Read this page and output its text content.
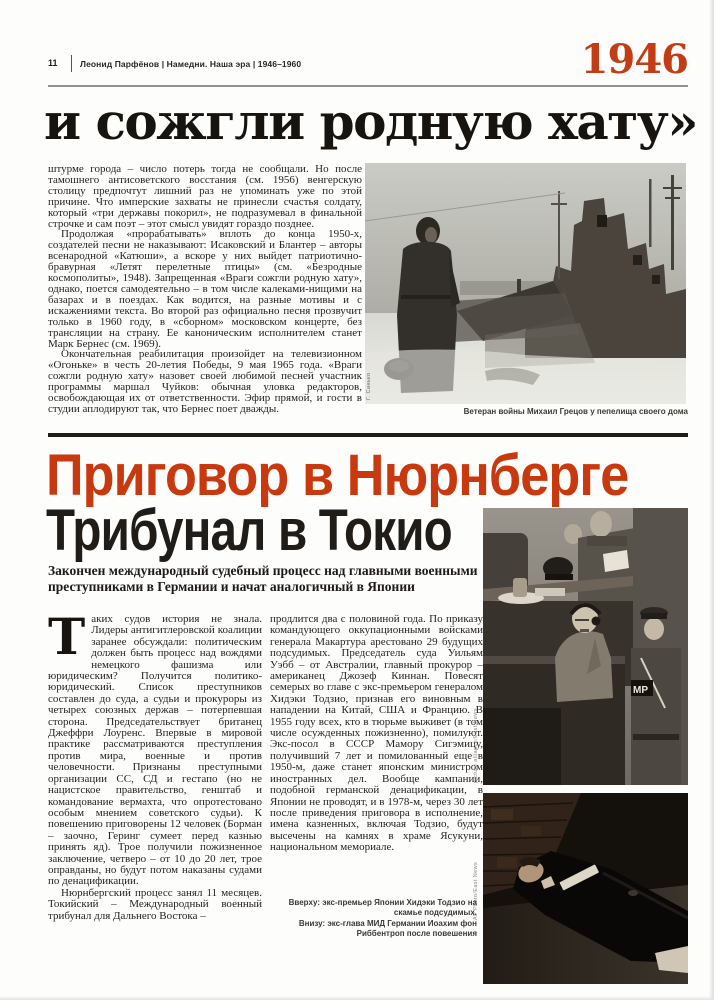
11	Леонид Парфёнов | Намедни. Наша эра | 1946–1960	1946
и сожгли родную хату»

штурме города – число потерь тогда не сообщали. Но после тамошнего антисоветского восстания (см. 1956) венгерскую столицу предпочтут лишний раз не упоминать уже по этой причине. Что имперские захваты не принесли счастья солдату, который «три державы покорил», не подразумевал в финальной строчке и сам поэт – этот смысл увидят гораздо позднее.

Продолжая «прорабатывать» вплоть до конца 1950-х, создателей песни не наказывают: Исаковский и Блантер – авторы всенародной «Катюши», а вскоре у них выйдет патриотично-бравурная «Летят перелетные птицы» (см. «Безродные космополиты», 1948). Запрещенная «Враги сожгли родную хату», однако, поется самодеятельно – в том числе калеками-нищими на базарах и в поездах. Как водится, на разные мотивы и с искажениями текста. Во второй раз официально песня прозвучит только в 1960 году, в «сборном» московском концерте, без трансляции на страну. Ее каноническим исполнителем станет Марк Бернес (см. 1969).

Окончательная реабилитация произойдет на телевизионном «Огоньке» в честь 20-летия Победы, 9 мая 1965 года. «Враги сожгли родную хату» назовет своей любимой песней участник программы маршал Чуйков: обычная уловка редакторов, освобождающая их от ответственности. Эфир прямой, и гости в студии аплодируют так, что Бернес поет дважды.

Г. Санько
Ветеран войны Михаил Грецов у пепелища своего дома
Приговор в Нюрнберге
Трибунал в Токио
Закончен международный судебный процесс над главными военными преступниками в Германии и начат аналогичный в Японии

Таких судов история не знала. Лидеры антигитлеровской коалиции заранее обсуждали: политическим должен быть процесс над вождями немецкого фашизма или юридическим? Получится политико-юридический. Список преступников составлен до суда, а судьи и прокуроры из четырех союзных держав – потерпевшая сторона. Председательствует британец Джеффри Лоуренс. Впервые в мировой практике рассматриваются преступления против мира, военные и против человечности. Признаны преступными организации СС, СД и гестапо (но не нацистское правительство, генштаб и командование вермахта, что опротестовано особым мнением советского судьи). К повешению приговорены 12 человек (Борман – заочно, Геринг сумеет перед казнью принять яд). Трое получили пожизненное заключение, четверо – от 10 до 20 лет, трое оправданы, но будут потом наказаны судами по денацификации.

Нюрнбергский процесс занял 11 месяцев. Токийский – Международный военный трибунал для Дальнего Востока –

продлится два с половиной года. По приказу командующего оккупационными войсками генерала Макартура арестовано 29 будущих подсудимых. Председатель суда Уильям Уэбб – от Австралии, главный прокурор – американец Джозеф Киннан. Повесят семерых во главе с экс-премьером генералом Хидэки Тодзио, признав его виновным в нападении на Китай, США и Францию. В 1955 году всех, кто в тюрьме выживет (в том числе осужденных пожизненно), помилуют. Экс-посол в СССР Мамору Сигэмицу, получивший 7 лет и помилованный еще в 1950-м, даже станет японским министром иностранных дел. Вообще кампании, подобной германской денацификации, в Японии не проводят, и в 1978-м, через 30 лет после приведения приговора в исполнение, имена казненных, включая Тодзио, будут высечены на камнях в храме Ясукуни, национальном мемориале.

MP
picture alliance/East News
AP Photo/East News

Вверху: экс-премьер Японии Хидэки Тодзио на скамье подсудимых.

Внизу: экс-глава МИД Германии Иоахим фон Риббентроп после повешения
